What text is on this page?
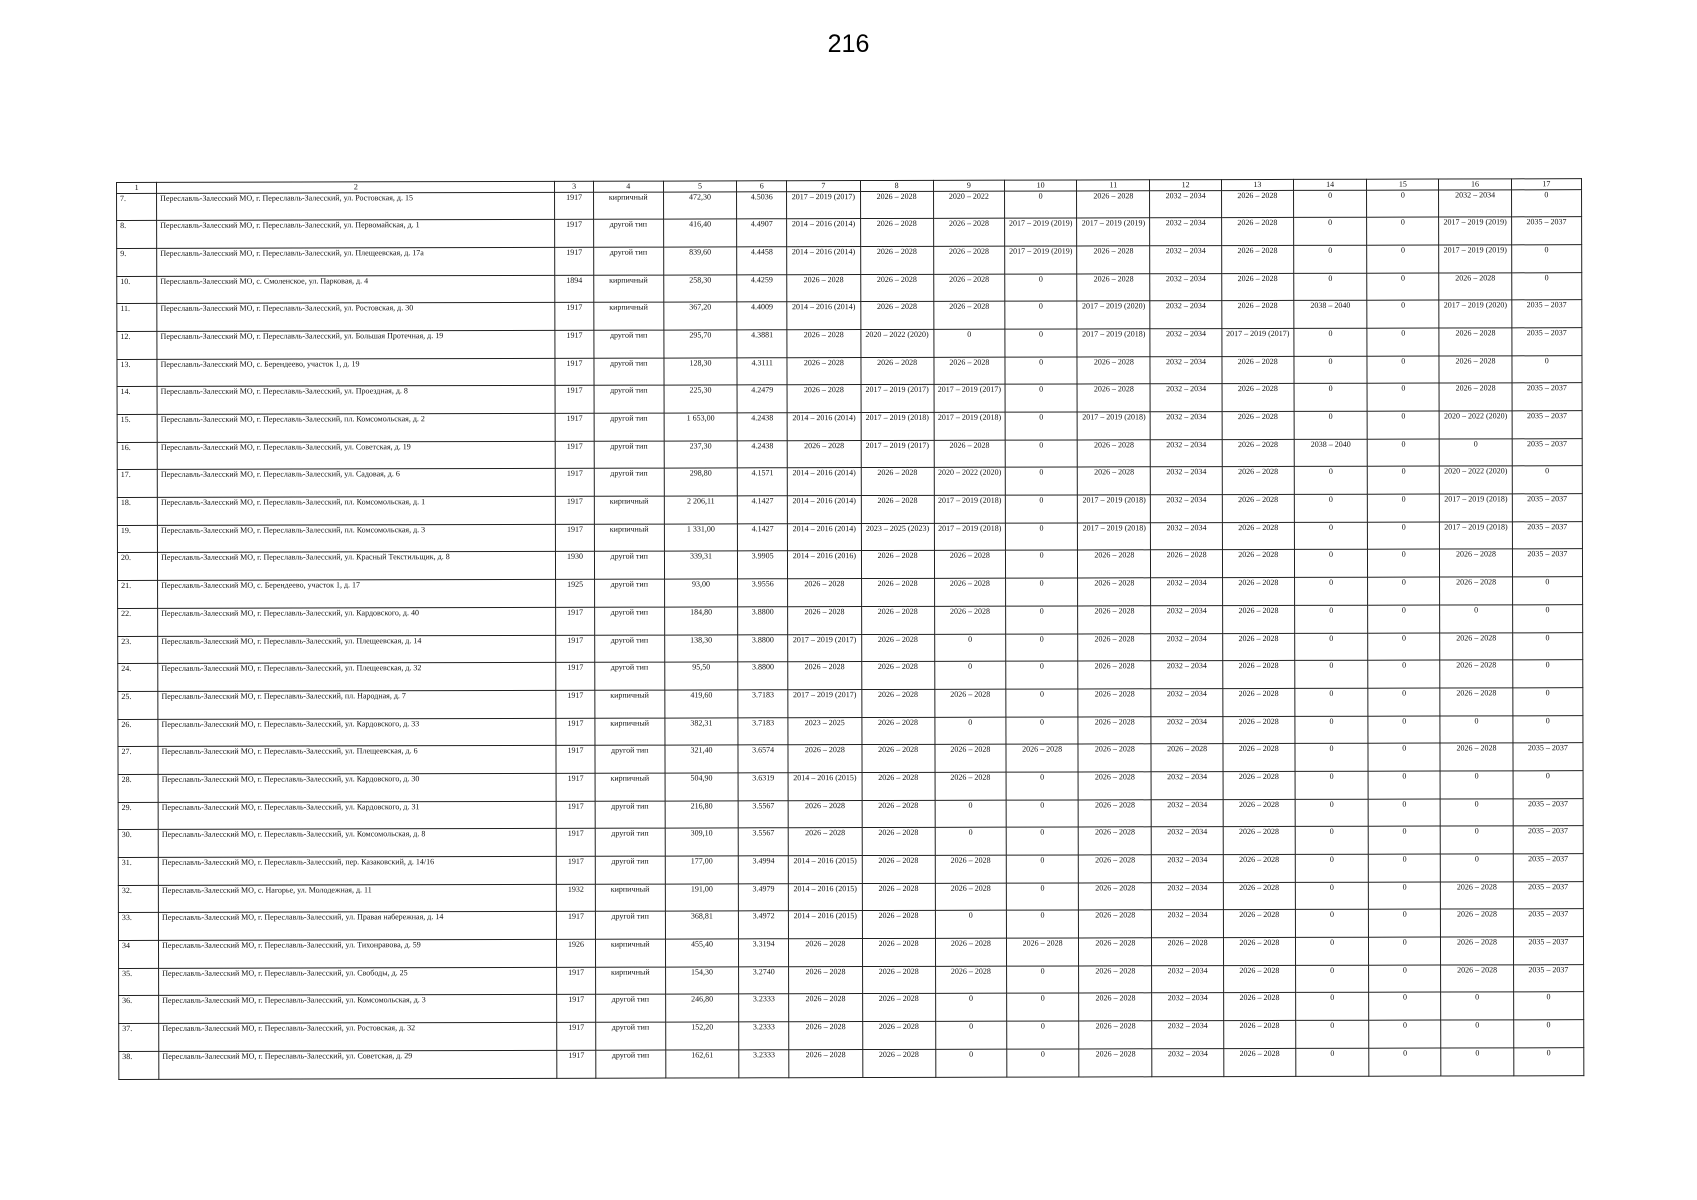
216
1	2	3	4	5	6	7	8	9	10	11	12	13	14	15	16	17
7.	Переславль-Залесский МО, г. Переславль-Залесский, ул. Ростовская, д. 15	1917	кирпичный	472,30	4.5036	2017 – 2019 (2017)	2026 – 2028	2020 – 2022	0	2026 – 2028	2032 – 2034	2026 – 2028	0	0	2032 – 2034	0
8.	Переславль-Залесский МО, г. Переславль-Залесский, ул. Первомайская, д. 1	1917	другой тип	416,40	4.4907	2014 – 2016 (2014)	2026 – 2028	2026 – 2028	2017 – 2019 (2019)	2017 – 2019 (2019)	2032 – 2034	2026 – 2028	0	0	2017 – 2019 (2019)	2035 – 2037
9.	Переславль-Залесский МО, г. Переславль-Залесский, ул. Плещеевская, д. 17а	1917	другой тип	839,60	4.4458	2014 – 2016 (2014)	2026 – 2028	2026 – 2028	2017 – 2019 (2019)	2026 – 2028	2032 – 2034	2026 – 2028	0	0	2017 – 2019 (2019)	0
10.	Переславль-Залесский МО, с. Смоленское, ул. Парковая, д. 4	1894	кирпичный	258,30	4.4259	2026 – 2028	2026 – 2028	2026 – 2028	0	2026 – 2028	2032 – 2034	2026 – 2028	0	0	2026 – 2028	0
11.	Переславль-Залесский МО, г. Переславль-Залесский, ул. Ростовская, д. 30	1917	кирпичный	367,20	4.4009	2014 – 2016 (2014)	2026 – 2028	2026 – 2028	0	2017 – 2019 (2020)	2032 – 2034	2026 – 2028	2038 – 2040	0	2017 – 2019 (2020)	2035 – 2037
12.	Переславль-Залесский МО, г. Переславль-Залесский, ул. Большая Протечная, д. 19	1917	другой тип	295,70	4.3881	2026 – 2028	2020 – 2022 (2020)	0	0	2017 – 2019 (2018)	2032 – 2034	2017 – 2019 (2017)	0	0	2026 – 2028	2035 – 2037
13.	Переславль-Залесский МО, с. Берендеево, участок 1, д. 19	1917	другой тип	128,30	4.3111	2026 – 2028	2026 – 2028	2026 – 2028	0	2026 – 2028	2032 – 2034	2026 – 2028	0	0	2026 – 2028	0
14.	Переславль-Залесский МО, г. Переславль-Залесский, ул. Проездная, д. 8	1917	другой тип	225,30	4.2479	2026 – 2028	2017 – 2019 (2017)	2017 – 2019 (2017)	0	2026 – 2028	2032 – 2034	2026 – 2028	0	0	2026 – 2028	2035 – 2037
15.	Переславль-Залесский МО, г. Переславль-Залесский, пл. Комсомольская, д. 2	1917	другой тип	1 653,00	4.2438	2014 – 2016 (2014)	2017 – 2019 (2018)	2017 – 2019 (2018)	0	2017 – 2019 (2018)	2032 – 2034	2026 – 2028	0	0	2020 – 2022 (2020)	2035 – 2037
16.	Переславль-Залесский МО, г. Переславль-Залесский, ул. Советская, д. 19	1917	другой тип	237,30	4.2438	2026 – 2028	2017 – 2019 (2017)	2026 – 2028	0	2026 – 2028	2032 – 2034	2026 – 2028	2038 – 2040	0	0	2035 – 2037
17.	Переславль-Залесский МО, г. Переславль-Залесский, ул. Садовая, д. 6	1917	другой тип	298,80	4.1571	2014 – 2016 (2014)	2026 – 2028	2020 – 2022 (2020)	0	2026 – 2028	2032 – 2034	2026 – 2028	0	0	2020 – 2022 (2020)	0
18.	Переславль-Залесский МО, г. Переславль-Залесский, пл. Комсомольская, д. 1	1917	кирпичный	2 206,11	4.1427	2014 – 2016 (2014)	2026 – 2028	2017 – 2019 (2018)	0	2017 – 2019 (2018)	2032 – 2034	2026 – 2028	0	0	2017 – 2019 (2018)	2035 – 2037
19.	Переславль-Залесский МО, г. Переславль-Залесский, пл. Комсомольская, д. 3	1917	кирпичный	1 331,00	4.1427	2014 – 2016 (2014)	2023 – 2025 (2023)	2017 – 2019 (2018)	0	2017 – 2019 (2018)	2032 – 2034	2026 – 2028	0	0	2017 – 2019 (2018)	2035 – 2037
20.	Переславль-Залесский МО, г. Переславль-Залесский, ул. Красный Текстильщик, д. 8	1930	другой тип	339,31	3.9905	2014 – 2016 (2016)	2026 – 2028	2026 – 2028	0	2026 – 2028	2026 – 2028	2026 – 2028	0	0	2026 – 2028	2035 – 2037
21.	Переславль-Залесский МО, с. Берендеево, участок 1, д. 17	1925	другой тип	93,00	3.9556	2026 – 2028	2026 – 2028	2026 – 2028	0	2026 – 2028	2032 – 2034	2026 – 2028	0	0	2026 – 2028	0
22.	Переславль-Залесский МО, г. Переславль-Залесский, ул. Кардовского, д. 40	1917	другой тип	184,80	3.8800	2026 – 2028	2026 – 2028	2026 – 2028	0	2026 – 2028	2032 – 2034	2026 – 2028	0	0	0	0
23.	Переславль-Залесский МО, г. Переславль-Залесский, ул. Плещеевская, д. 14	1917	другой тип	138,30	3.8800	2017 – 2019 (2017)	2026 – 2028	0	0	2026 – 2028	2032 – 2034	2026 – 2028	0	0	2026 – 2028	0
24.	Переславль-Залесский МО, г. Переславль-Залесский, ул. Плещеевская, д. 32	1917	другой тип	95,50	3.8800	2026 – 2028	2026 – 2028	0	0	2026 – 2028	2032 – 2034	2026 – 2028	0	0	2026 – 2028	0
25.	Переславль-Залесский МО, г. Переславль-Залесский, пл. Народная, д. 7	1917	кирпичный	419,60	3.7183	2017 – 2019 (2017)	2026 – 2028	2026 – 2028	0	2026 – 2028	2032 – 2034	2026 – 2028	0	0	2026 – 2028	0
26.	Переславль-Залесский МО, г. Переславль-Залесский, ул. Кардовского, д. 33	1917	кирпичный	382,31	3.7183	2023 – 2025	2026 – 2028	0	0	2026 – 2028	2032 – 2034	2026 – 2028	0	0	0	0
27.	Переславль-Залесский МО, г. Переславль-Залесский, ул. Плещеевская, д. 6	1917	другой тип	321,40	3.6574	2026 – 2028	2026 – 2028	2026 – 2028	2026 – 2028	2026 – 2028	2026 – 2028	2026 – 2028	0	0	2026 – 2028	2035 – 2037
28.	Переславль-Залесский МО, г. Переславль-Залесский, ул. Кардовского, д. 30	1917	кирпичный	504,90	3.6319	2014 – 2016 (2015)	2026 – 2028	2026 – 2028	0	2026 – 2028	2032 – 2034	2026 – 2028	0	0	0	0
29.	Переславль-Залесский МО, г. Переславль-Залесский, ул. Кардовского, д. 31	1917	другой тип	216,80	3.5567	2026 – 2028	2026 – 2028	0	0	2026 – 2028	2032 – 2034	2026 – 2028	0	0	0	2035 – 2037
30.	Переславль-Залесский МО, г. Переславль-Залесский, ул. Комсомольская, д. 8	1917	другой тип	309,10	3.5567	2026 – 2028	2026 – 2028	0	0	2026 – 2028	2032 – 2034	2026 – 2028	0	0	0	2035 – 2037
31.	Переславль-Залесский МО, г. Переславль-Залесский, пер. Казаковский, д. 14/16	1917	другой тип	177,00	3.4994	2014 – 2016 (2015)	2026 – 2028	2026 – 2028	0	2026 – 2028	2032 – 2034	2026 – 2028	0	0	0	2035 – 2037
32.	Переславль-Залесский МО, с. Нагорье, ул. Молодежная, д. 11	1932	кирпичный	191,00	3.4979	2014 – 2016 (2015)	2026 – 2028	2026 – 2028	0	2026 – 2028	2032 – 2034	2026 – 2028	0	0	2026 – 2028	2035 – 2037
33.	Переславль-Залесский МО, г. Переславль-Залесский, ул. Правая набережная, д. 14	1917	другой тип	368,81	3.4972	2014 – 2016 (2015)	2026 – 2028	0	0	2026 – 2028	2032 – 2034	2026 – 2028	0	0	2026 – 2028	2035 – 2037
34	Переславль-Залесский МО, г. Переславль-Залесский, ул. Тихонравова, д. 59	1926	кирпичный	455,40	3.3194	2026 – 2028	2026 – 2028	2026 – 2028	2026 – 2028	2026 – 2028	2026 – 2028	2026 – 2028	0	0	2026 – 2028	2035 – 2037
35.	Переславль-Залесский МО, г. Переславль-Залесский, ул. Свободы, д. 25	1917	кирпичный	154,30	3.2740	2026 – 2028	2026 – 2028	2026 – 2028	0	2026 – 2028	2032 – 2034	2026 – 2028	0	0	2026 – 2028	2035 – 2037
36.	Переславль-Залесский МО, г. Переславль-Залесский, ул. Комсомольская, д. 3	1917	другой тип	246,80	3.2333	2026 – 2028	2026 – 2028	0	0	2026 – 2028	2032 – 2034	2026 – 2028	0	0	0	0
37.	Переславль-Залесский МО, г. Переславль-Залесский, ул. Ростовская, д. 32	1917	другой тип	152,20	3.2333	2026 – 2028	2026 – 2028	0	0	2026 – 2028	2032 – 2034	2026 – 2028	0	0	0	0
38.	Переславль-Залесский МО, г. Переславль-Залесский, ул. Советская, д. 29	1917	другой тип	162,61	3.2333	2026 – 2028	2026 – 2028	0	0	2026 – 2028	2032 – 2034	2026 – 2028	0	0	0	0
